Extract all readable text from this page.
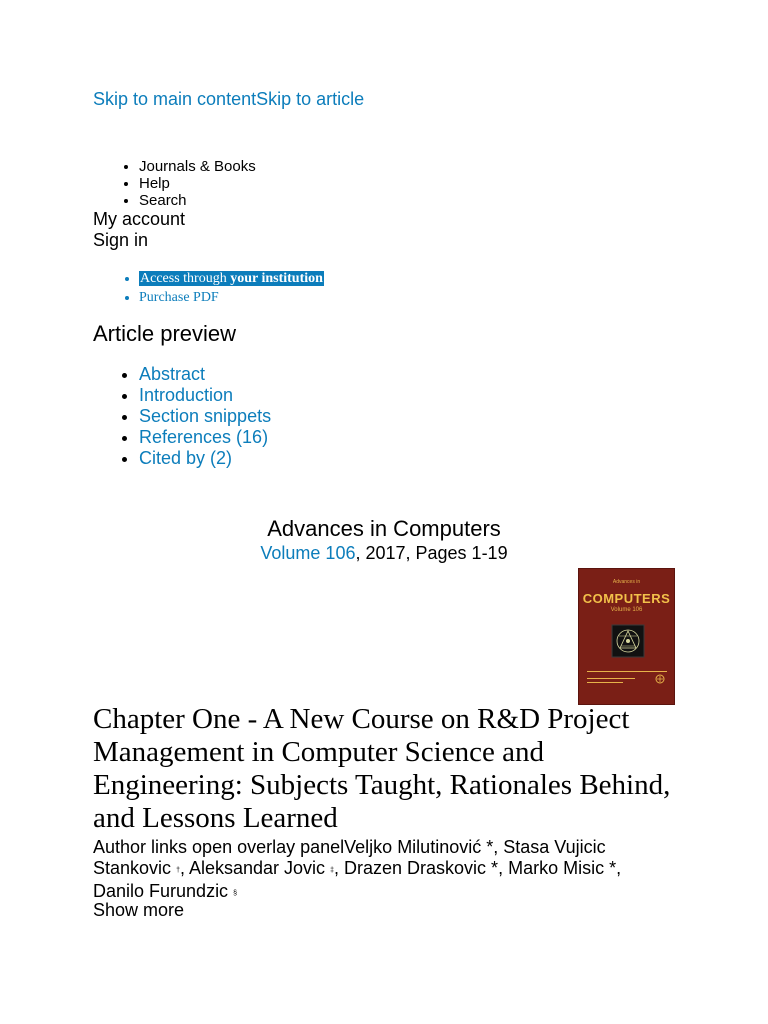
Skip to main contentSkip to article
• Journals & Books
• Help
• Search
My account
Sign in
• Access through your institution
• Purchase PDF
Article preview
• Abstract
• Introduction
• Section snippets
• References (16)
• Cited by (2)
Advances in Computers
Volume 106, 2017, Pages 1-19
Advances in
COMPUTERS
Volume 106
Chapter One - A New Course on R&D Project Management in Computer Science and Engineering: Subjects Taught, Rationales Behind, and Lessons Learned
Author links open overlay panelVeljko Milutinović *, Stasa Vujicic Stankovic †, Aleksandar Jovic ‡, Drazen Draskovic *, Marko Misic *,
Danilo Furundzic §
Show more
